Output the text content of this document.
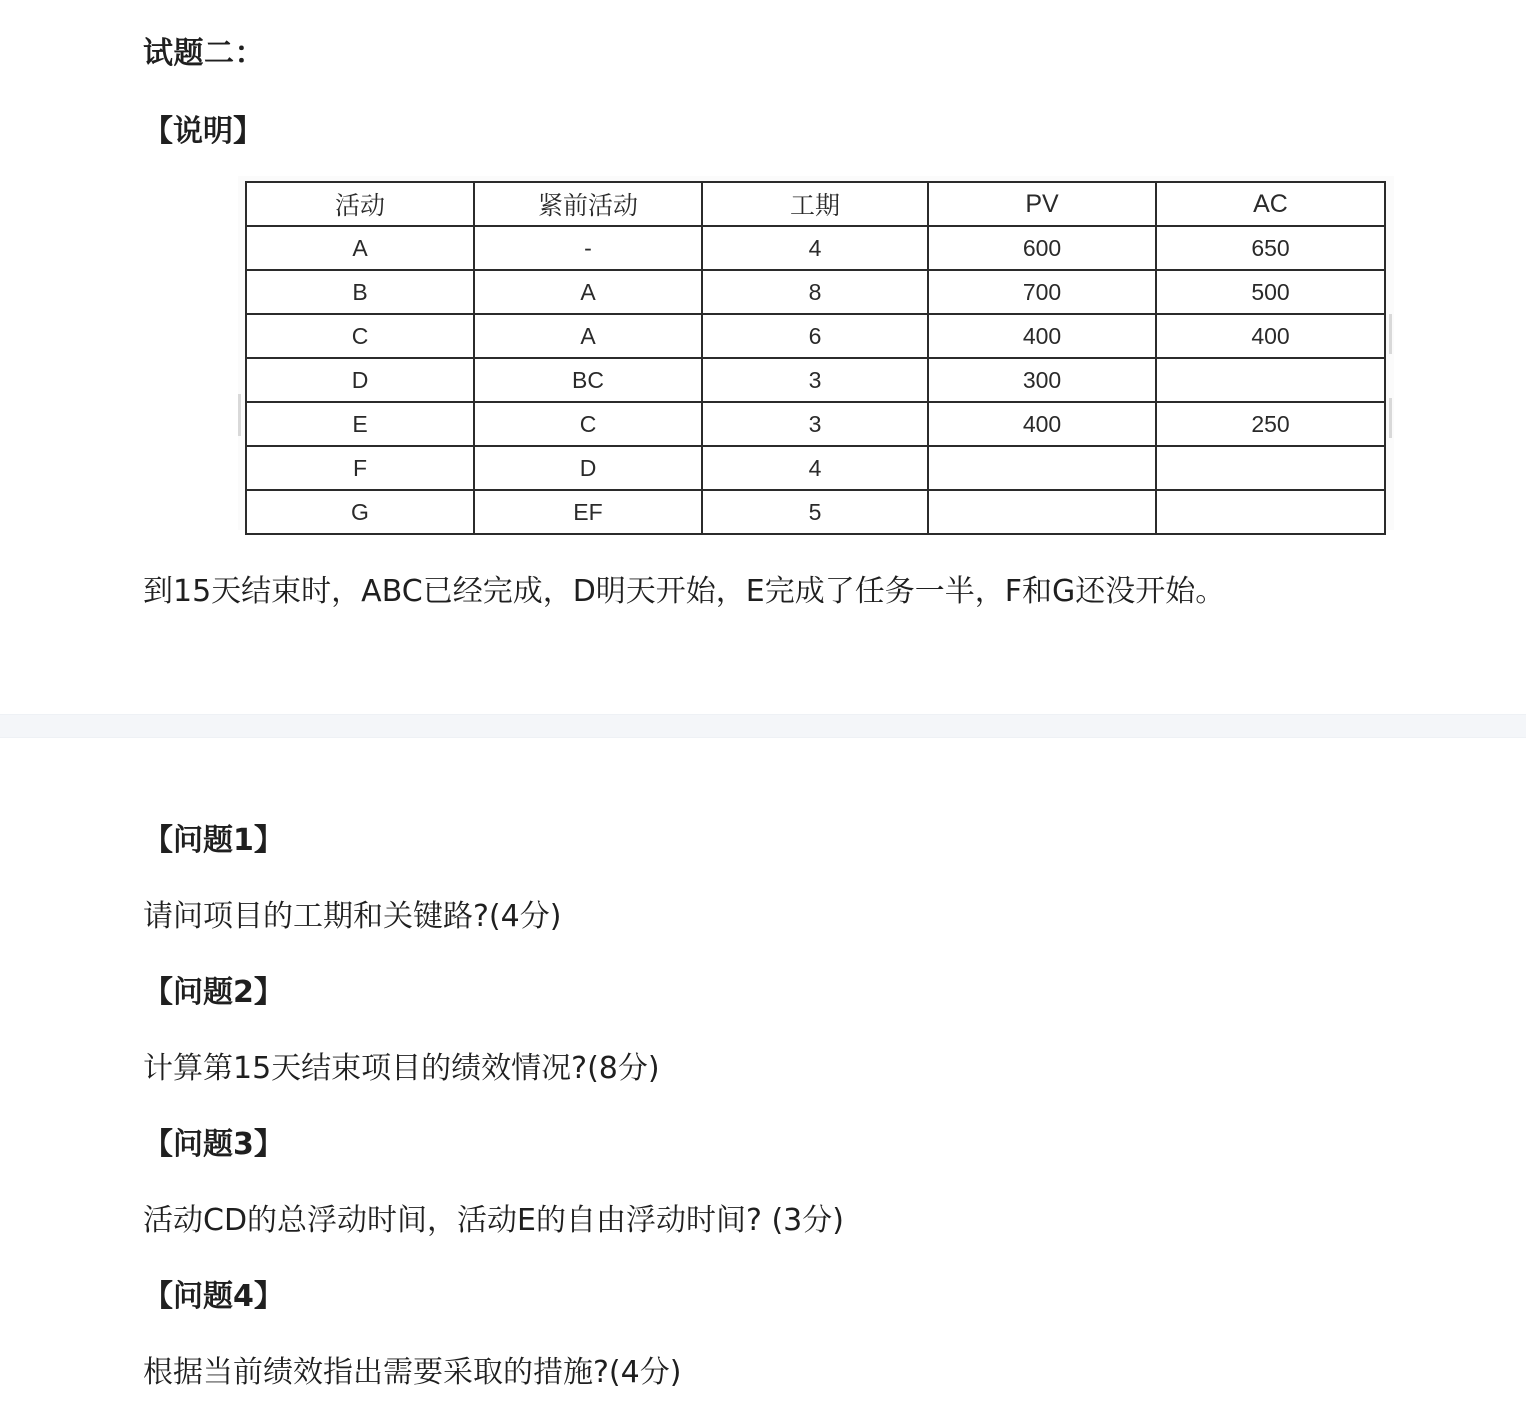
试题二：
【说明】
活动	紧前活动	工期	PV	AC
A	-	4	600	650
B	A	8	700	500
C	A	6	400	400
D	BC	3	300	
E	C	3	400	250
F	D	4		
G	EF	5		
到15天结束时，ABC已经完成，D明天开始，E完成了任务一半，F和G还没开始。
【问题1】
请问项目的工期和关键路?(4分)
【问题2】
计算第15天结束项目的绩效情况?(8分)
【问题3】
活动CD的总浮动时间，活动E的自由浮动时间? (3分)
【问题4】
根据当前绩效指出需要采取的措施?(4分)
